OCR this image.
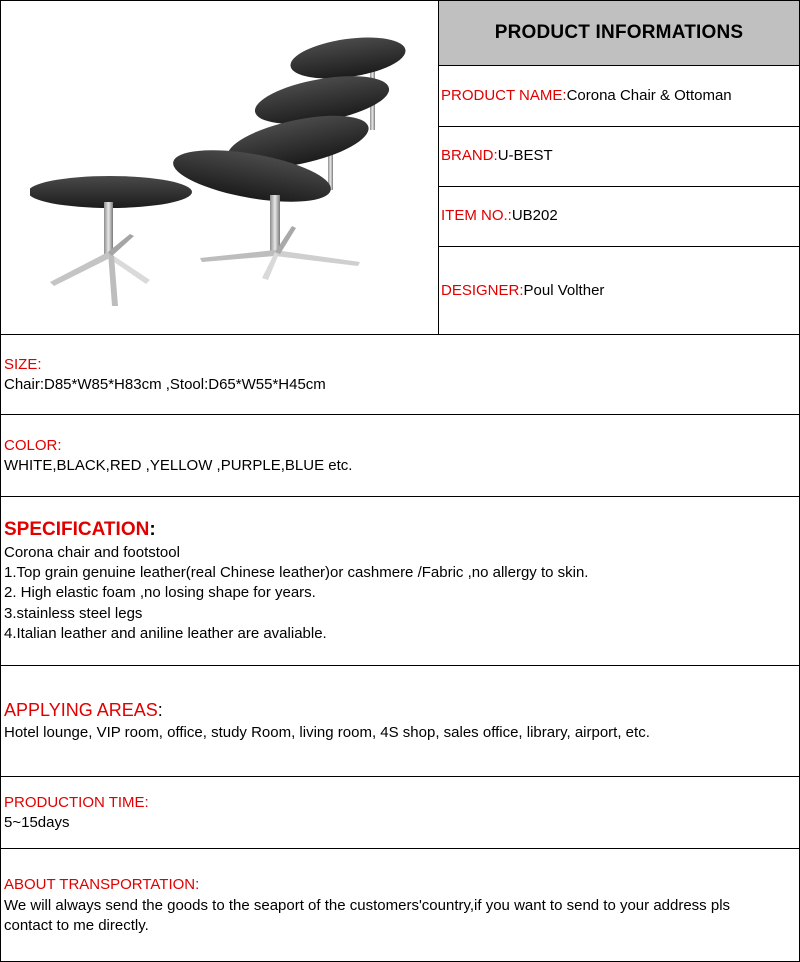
PRODUCT INFORMATIONS
PRODUCT NAME:Corona Chair & Ottoman
BRAND:U-BEST
ITEM NO.:UB202
DESIGNER:Poul Volther
SIZE:
Chair:D85*W85*H83cm ,Stool:D65*W55*H45cm
COLOR:
WHITE,BLACK,RED ,YELLOW ,PURPLE,BLUE etc.
SPECIFICATION:
Corona chair and footstool
1.Top grain genuine leather(real Chinese leather)or cashmere /Fabric ,no allergy to skin.
2. High elastic foam ,no losing shape for years.
3.stainless steel legs
4.Italian leather and aniline leather are avaliable.
APPLYING AREAS:
Hotel lounge, VIP room, office, study Room, living room, 4S shop, sales office, library, airport, etc.
PRODUCTION TIME:
5~15days
ABOUT TRANSPORTATION:
We will always send the goods to the seaport of the customers'country,if you want to send to your address pls
contact to me directly.
